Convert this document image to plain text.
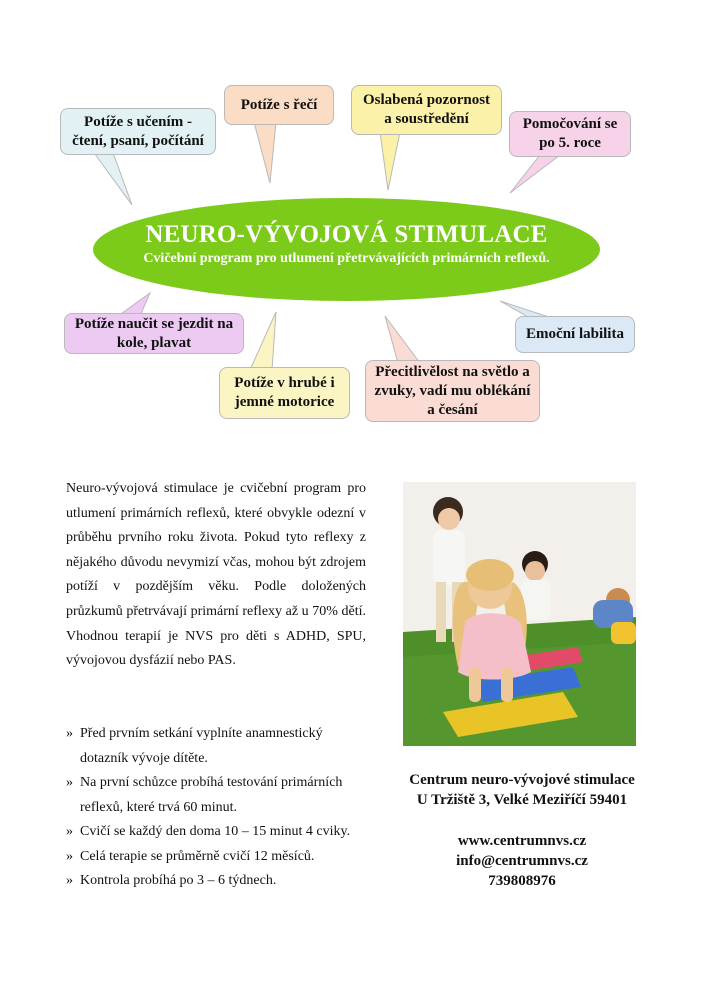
Potíže s učením - čtení, psaní, počítání
Potíže s řečí	Oslabená pozornost a soustředění	Pomočování se po 5. roce
Potíže naučit se jezdit na kole, plavat
Emoční labilita
Potíže v hrubé i jemné motorice
Přecitlivělost na světlo a zvuky, vadí mu oblékání a česání
NEURO-VÝVOJOVÁ STIMULACE
Cvičební program pro utlumení přetrvávajících primárních reflexů.
Neuro-vývojová stimulace je cvičební program pro utlumení primárních reflexů, které obvykle odezní v průběhu prvního roku života. Pokud tyto reflexy z nějakého důvodu nevymizí včas, mohou být zdrojem potíží v pozdějším věku. Podle doložených průzkumů přetrvávají primární reflexy až u 70% dětí. Vhodnou terapií je NVS pro děti s ADHD, SPU, vývojovou dysfázií nebo PAS.
» Před prvním setkání vyplníte anamnestický dotazník vývoje dítěte.
» Na první schůzce probíhá testování primárních reflexů, které trvá 60 minut.
» Cvičí se každý den doma 10 – 15 minut 4 cviky.
» Celá terapie se průměrně cvičí 12 měsíců.
» Kontrola probíhá po 3 – 6 týdnech.
Centrum neuro-vývojové stimulace
U Tržiště 3, Velké Meziříčí 59401
www.centrumnvs.cz
info@centrumnvs.cz
739808976
